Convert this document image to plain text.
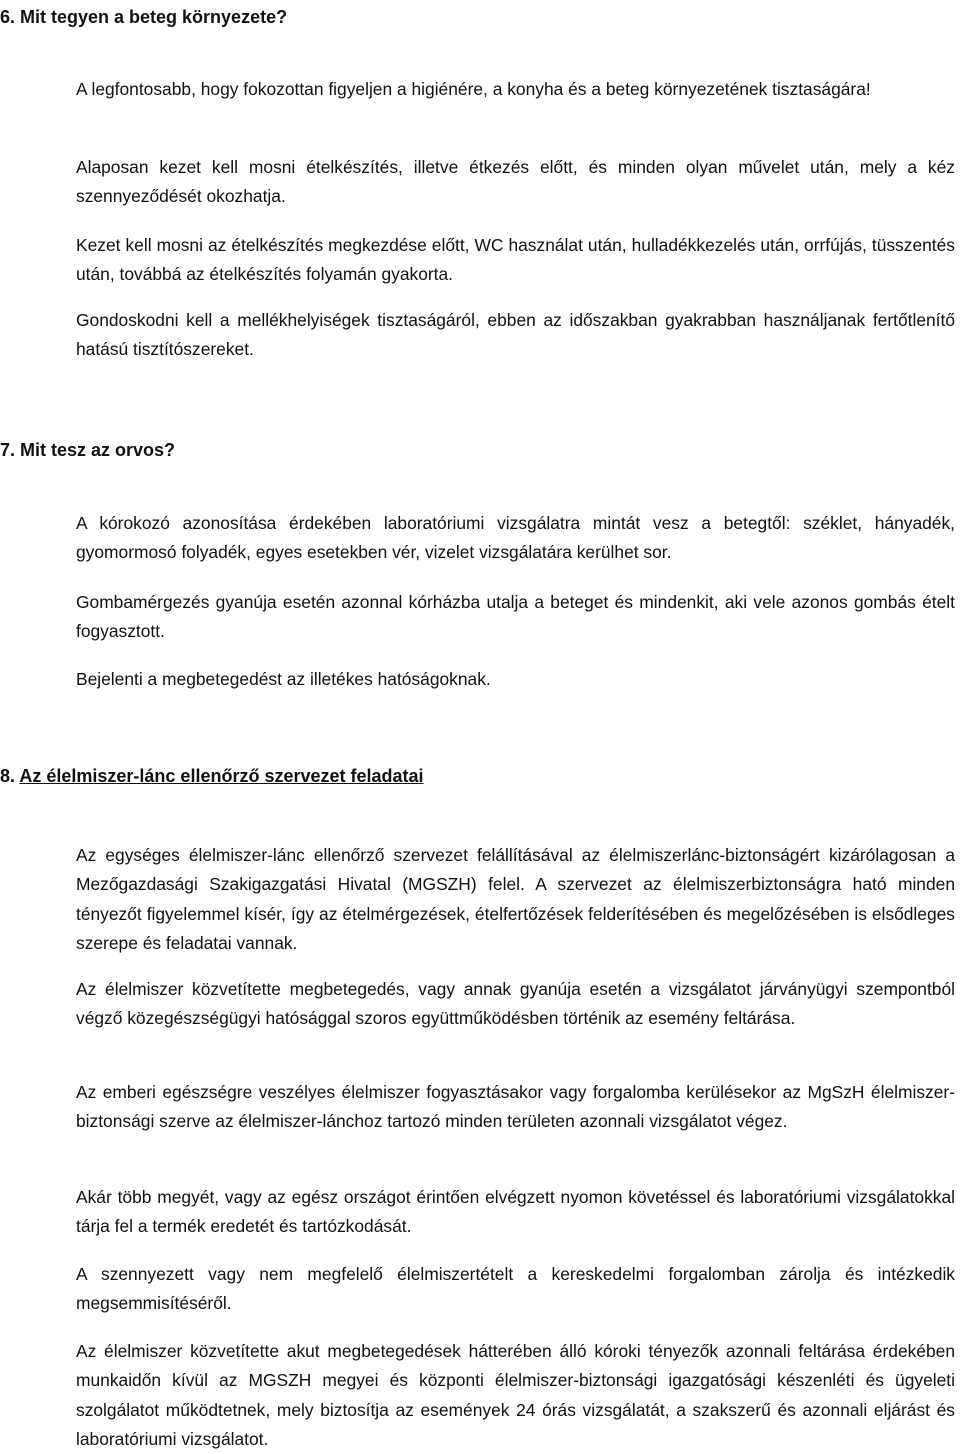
6. Mit tegyen a beteg környezete?

A legfontosabb, hogy fokozottan figyeljen a higiénére, a konyha és a beteg környezetének tisztaságára!

Alaposan kezet kell mosni ételkészítés, illetve étkezés előtt, és minden olyan művelet után, mely a kéz szennyeződését okozhatja.

Kezet kell mosni az ételkészítés megkezdése előtt, WC használat után, hulladékkezelés után, orrfújás, tüsszentés után, továbbá az ételkészítés folyamán gyakorta.

Gondoskodni kell a mellékhelyiségek tisztaságáról, ebben az időszakban gyakrabban használjanak fertőtlenítő hatású tisztítószereket.

7. Mit tesz az orvos?

A kórokozó azonosítása érdekében laboratóriumi vizsgálatra mintát vesz a betegtől: széklet, hányadék, gyomormosó folyadék, egyes esetekben vér, vizelet vizsgálatára kerülhet sor.

Gombamérgezés gyanúja esetén azonnal kórházba utalja a beteget és mindenkit, aki vele azonos gombás ételt fogyasztott.

Bejelenti a megbetegedést az illetékes hatóságoknak.

8. Az élelmiszer-lánc ellenőrző szervezet feladatai

Az egységes élelmiszer-lánc ellenőrző szervezet felállításával az élelmiszerlánc-biztonságért kizárólagosan a Mezőgazdasági Szakigazgatási Hivatal (MGSZH) felel. A szervezet az élelmiszerbiztonságra ható minden tényezőt figyelemmel kísér, így az ételmérgezések, ételfertőzések felderítésében és megelőzésében is elsődleges szerepe és feladatai vannak.

Az élelmiszer közvetítette megbetegedés, vagy annak gyanúja esetén a vizsgálatot járványügyi szempontból végző közegészségügyi hatósággal szoros együttműködésben történik az esemény feltárása.

Az emberi egészségre veszélyes élelmiszer fogyasztásakor vagy forgalomba kerülésekor az MgSzH élelmiszer-biztonsági szerve az élelmiszer-lánchoz tartozó minden területen azonnali vizsgálatot végez.

Akár több megyét, vagy az egész országot érintően elvégzett nyomon követéssel és laboratóriumi vizsgálatokkal tárja fel a termék eredetét és tartózkodását.

A szennyezett vagy nem megfelelő élelmiszertételt a kereskedelmi forgalomban zárolja és intézkedik megsemmisítéséről.

Az élelmiszer közvetítette akut megbetegedések hátterében álló kóroki tényezők azonnali feltárása érdekében munkaidőn kívül az MGSZH megyei és központi élelmiszer-biztonsági igazgatósági készenléti és ügyeleti szolgálatot működtetnek, mely biztosítja az események 24 órás vizsgálatát, a szakszerű és azonnali eljárást és laboratóriumi vizsgálatot.
